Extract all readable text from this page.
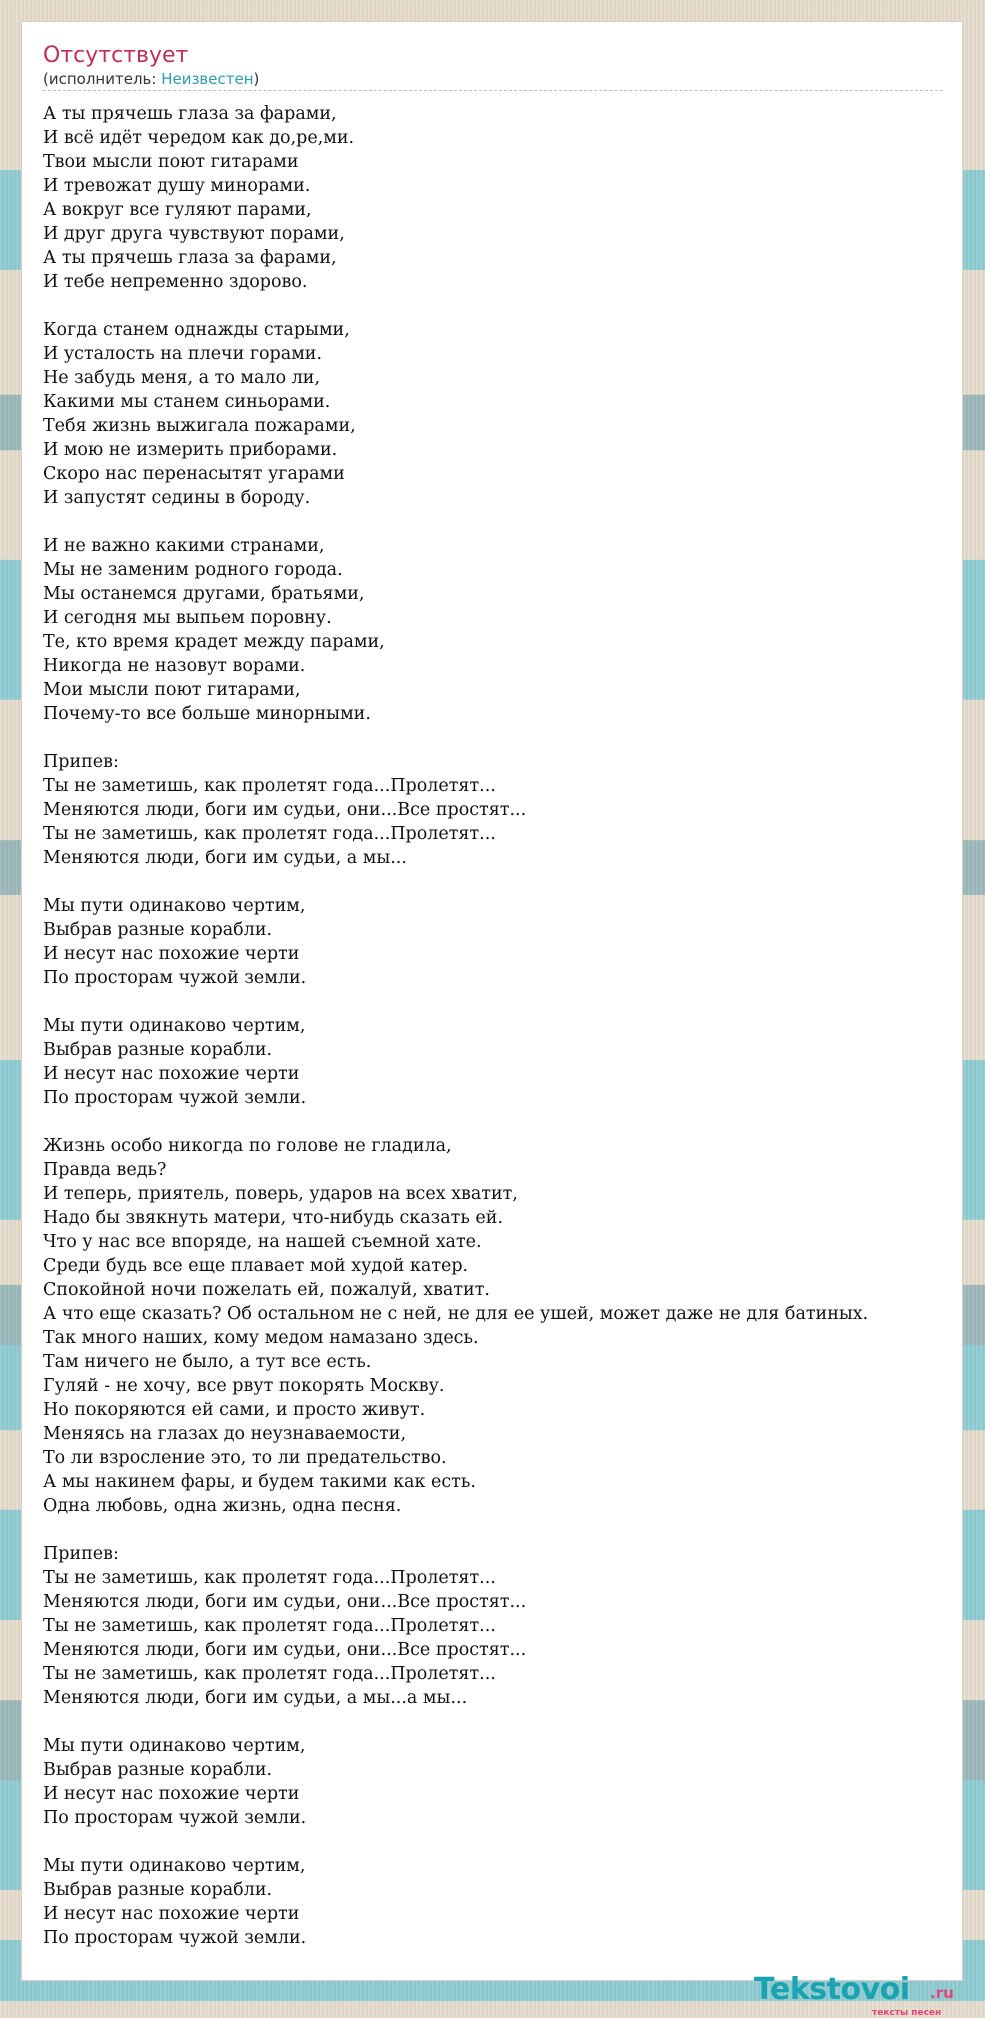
Отсутствует
(исполнитель: Неизвестен)
А ты прячешь глаза за фарами,
И всё идёт чередом как до,ре,ми.
Твои мысли поют гитарами
И тревожат душу минорами.
А вокруг все гуляют парами,
И друг друга чувствуют порами,
А ты прячешь глаза за фарами,
И тебе непременно здорово.
Когда станем однажды старыми,
И усталость на плечи горами.
Не забудь меня, а то мало ли,
Какими мы станем синьорами.
Тебя жизнь выжигала пожарами,
И мою не измерить приборами.
Скоро нас перенасытят угарами
И запустят седины в бороду.
И не важно какими странами,
Мы не заменим родного города.
Мы останемся другами, братьями,
И сегодня мы выпьем поровну.
Те, кто время крадет между парами,
Никогда не назовут ворами.
Мои мысли поют гитарами,
Почему-то все больше минорными.
Припев:
Ты не заметишь, как пролетят года...Пролетят...
Меняются люди, боги им судьи, они...Все простят...
Ты не заметишь, как пролетят года...Пролетят...
Меняются люди, боги им судьи, а мы...
Мы пути одинаково чертим,
Выбрав разные корабли.
И несут нас похожие черти
По просторам чужой земли.
Мы пути одинаково чертим,
Выбрав разные корабли.
И несут нас похожие черти
По просторам чужой земли.
Жизнь особо никогда по голове не гладила,
Правда ведь?
И теперь, приятель, поверь, ударов на всех хватит,
Надо бы звякнуть матери, что-нибудь сказать ей.
Что у нас все впоряде, на нашей съемной хате.
Среди будь все еще плавает мой худой катер.
Спокойной ночи пожелать ей, пожалуй, хватит.
А что еще сказать? Об остальном не с ней, не для ее ушей, может даже не для батиных.
Так много наших, кому медом намазано здесь.
Там ничего не было, а тут все есть.
Гуляй - не хочу, все рвут покорять Москву.
Но покоряются ей сами, и просто живут.
Меняясь на глазах до неузнаваемости,
То ли взросление это, то ли предательство.
А мы накинем фары, и будем такими как есть.
Одна любовь, одна жизнь, одна песня.
Припев:
Ты не заметишь, как пролетят года...Пролетят...
Меняются люди, боги им судьи, они...Все простят...
Ты не заметишь, как пролетят года...Пролетят...
Меняются люди, боги им судьи, они...Все простят...
Ты не заметишь, как пролетят года...Пролетят...
Меняются люди, боги им судьи, а мы...а мы...
Мы пути одинаково чертим,
Выбрав разные корабли.
И несут нас похожие черти
По просторам чужой земли.
Мы пути одинаково чертим,
Выбрав разные корабли.
И несут нас похожие черти
По просторам чужой земли.
Tekstovoi .ru
тексты песен
